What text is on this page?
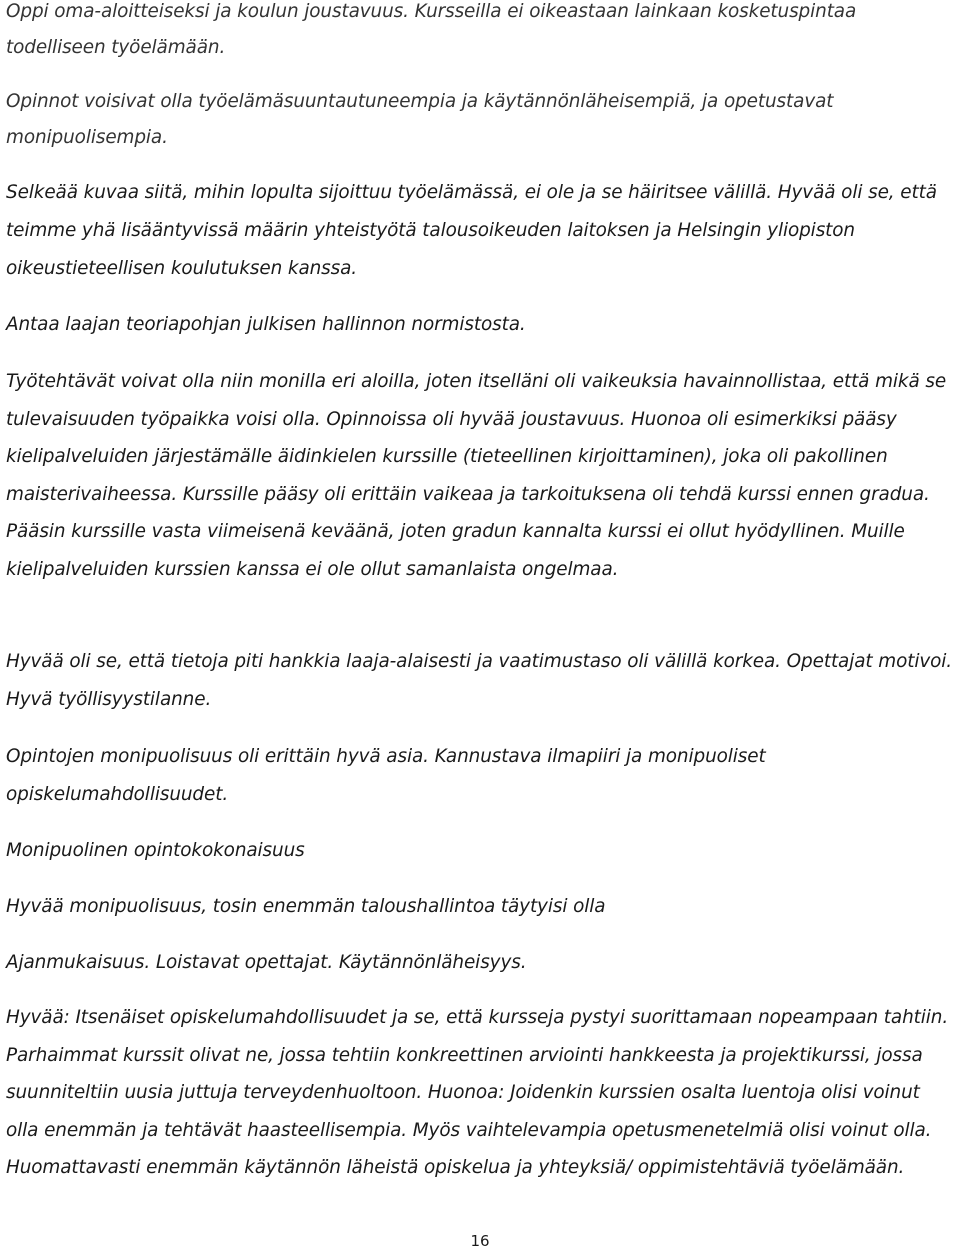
Oppi oma-aloitteiseksi ja koulun joustavuus. Kursseilla ei oikeastaan lainkaan kosketuspintaa todelliseen työelämään.

Opinnot voisivat olla työelämäsuuntautuneempia ja käytännönläheisempiä, ja opetustavat monipuolisempia.

Selkeää kuvaa siitä, mihin lopulta sijoittuu työelämässä, ei ole ja se häiritsee välillä. Hyvää oli se, että teimme yhä lisääntyvissä määrin yhteistyötä talousoikeuden laitoksen ja Helsingin yliopiston oikeustieteellisen koulutuksen kanssa.

Antaa laajan teoriapohjan julkisen hallinnon normistosta.

Työtehtävät voivat olla niin monilla eri aloilla, joten itselläni oli vaikeuksia havainnollistaa, että mikä se tulevaisuuden työpaikka voisi olla. Opinnoissa oli hyvää joustavuus. Huonoa oli esimerkiksi pääsy kielipalveluiden järjestämälle äidinkielen kurssille (tieteellinen kirjoittaminen), joka oli pakollinen maisterivaiheessa. Kurssille pääsy oli erittäin vaikeaa ja tarkoituksena oli tehdä kurssi ennen gradua. Pääsin kurssille vasta viimeisenä keväänä, joten gradun kannalta kurssi ei ollut hyödyllinen. Muille kielipalveluiden kurssien kanssa ei ole ollut samanlaista ongelmaa.

Hyvää oli se, että tietoja piti hankkia laaja-alaisesti ja vaatimustaso oli välillä korkea. Opettajat motivoi. Hyvä työllisyystilanne.

Opintojen monipuolisuus oli erittäin hyvä asia. Kannustava ilmapiiri ja monipuoliset opiskelumahdollisuudet.

Monipuolinen opintokokonaisuus

Hyvää monipuolisuus, tosin enemmän taloushallintoa täytyisi olla

Ajanmukaisuus. Loistavat opettajat. Käytännönläheisyys.

Hyvää: Itsenäiset opiskelumahdollisuudet ja se, että kursseja pystyi suorittamaan nopeampaan tahtiin. Parhaimmat kurssit olivat ne, jossa tehtiin konkreettinen arviointi hankkeesta ja projektikurssi, jossa suunniteltiin uusia juttuja terveydenhuoltoon. Huonoa: Joidenkin kurssien osalta luentoja olisi voinut olla enemmän ja tehtävät haasteellisempia. Myös vaihtelevampia opetusmenetelmiä olisi voinut olla. Huomattavasti enemmän käytännön läheistä opiskelua ja yhteyksiä/ oppimistehtäviä työelämään.

16
